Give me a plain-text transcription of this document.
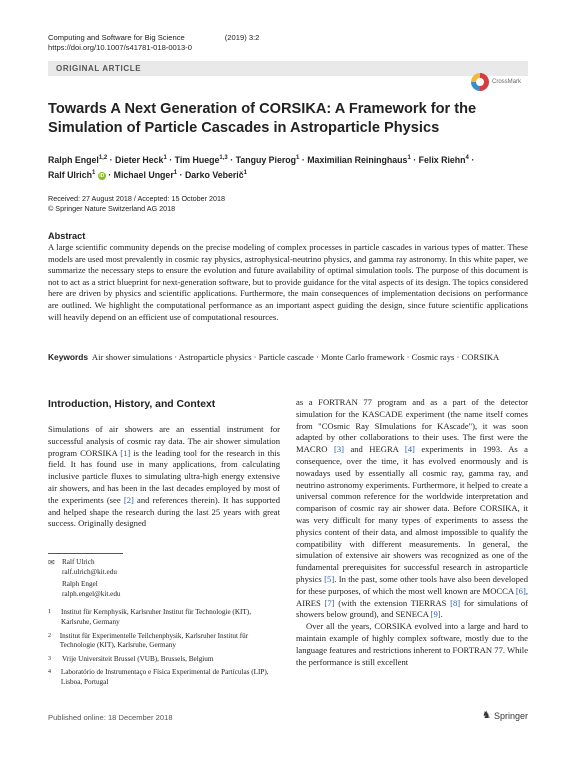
Computing and Software for Big Science	(2019) 3:2
https://doi.org/10.1007/s41781-018-0013-0
ORIGINAL ARTICLE
CrossMark
Towards A Next Generation of CORSIKA: A Framework for the Simulation of Particle Cascades in Astroparticle Physics
Ralph Engel$^{1,2}$ · Dieter Heck$^1$ · Tim Huege$^{1,3}$ · Tanguy Pierog$^1$ · Maximilian Reininghaus$^1$ · Felix Riehn$^4$ ·
Ralf Ulrich$^1$ iD · Michael Unger$^1$ · Darko Veberič$^1$
Received: 27 August 2018 / Accepted: 15 October 2018
© Springer Nature Switzerland AG 2018
Abstract

A large scientific community depends on the precise modeling of complex processes in particle cascades in various types of matter. These models are used most prevalently in cosmic ray physics, astrophysical-neutrino physics, and gamma ray astronomy. In this white paper, we summarize the necessary steps to ensure the evolution and future availability of optimal simulation tools. The purpose of this document is not to act as a strict blueprint for next-generation software, but to provide guidance for the vital aspects of its design. The topics considered here are driven by physics and scientific applications. Furthermore, the main consequences of implementation decisions on performance are outlined. We highlight the computational performance as an important aspect guiding the design, since future scientific applications will heavily depend on an efficient use of computational resources.

Keywords Air shower simulations · Astroparticle physics · Particle cascade · Monte Carlo framework · Cosmic rays · CORSIKA
Introduction, History, and Context

Simulations of air showers are an essential instrument for successful analysis of cosmic ray data. The air shower simulation program CORSIKA [1] is the leading tool for the research in this field. It has found use in many applications, from calculating inclusive particle fluxes to simulating ultra-high energy extensive air showers, and has been in the last decades employed by most of the experiments (see [2] and references therein). It has supported and helped shape the research during the last 25 years with great success. Originally designed

as a FORTRAN 77 program and as a part of the detector simulation for the KASCADE experiment (the name itself comes from "COsmic Ray SImulations for KAscade"), it was soon adapted by other collaborations to their uses. The first were the MACRO [3] and HEGRA [4] experiments in 1993. As a consequence, over the time, it has evolved enormously and is nowadays used by essentially all cosmic ray, gamma ray, and neutrino astronomy experiments. Furthermore, it helped to create a universal common reference for the worldwide interpretation and comparison of cosmic ray air shower data. Before CORSIKA, it was very difficult for many types of experiments to assess the physics content of their data, and almost impossible to qualify the compatibility with different measurements. In general, the simulation of extensive air showers was recognized as one of the fundamental prerequisites for successful research in astroparticle physics [5]. In the past, some other tools have also been developed for these purposes, of which the most well known are MOCCA [6], AIRES [7] (with the extension TIERRAS [8] for simulations of showers below ground), and SENECA [9].

Over all the years, CORSIKA evolved into a large and hard to maintain example of highly complex software, mostly due to the language features and restrictions inherent to FORTRAN 77. While the performance is still excellent

✉ Ralf Ulrich
ralf.ulrich@kit.edu
Ralph Engel
ralph.engel@kit.edu
1	Institut für Kernphysik, Karlsruher Institut für Technologie (KIT), Karlsruhe, Germany
2	Institut für Experimentelle Teilchenphysik, Karlsruher Institut für Technologie (KIT), Karlsruhe, Germany
3	Vrije Universiteit Brussel (VUB), Brussels, Belgium
4	Laboratório de Instrumentaço e Física Experimental de Partículas (LIP), Lisboa, Portugal
Published online: 18 December 2018	♞ Springer
